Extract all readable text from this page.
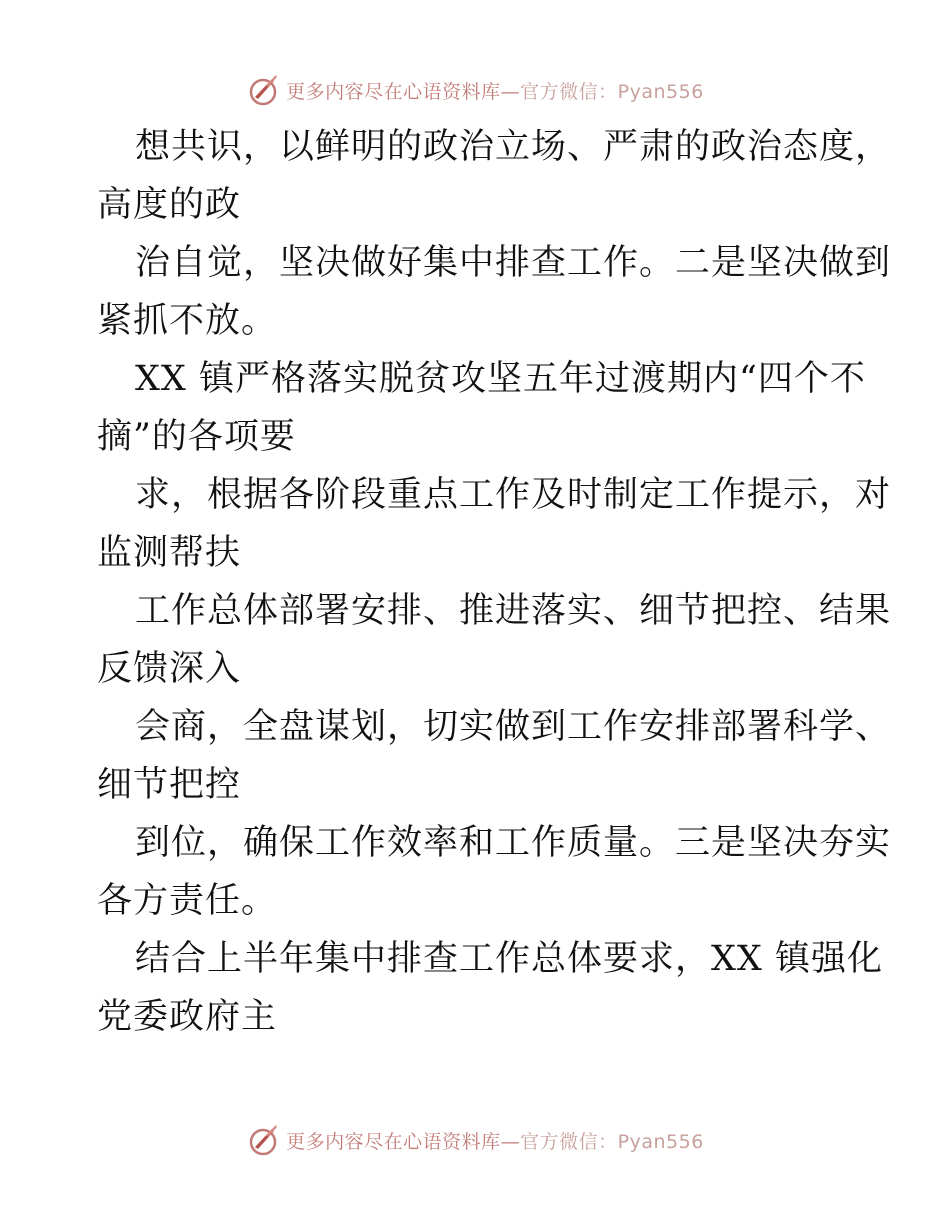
更多内容尽在心语资料库—官方微信：Pyan556
想共识，以鲜明的政治立场、严肃的政治态度，
高度的政
治自觉，坚决做好集中排查工作。二是坚决做到
紧抓不放。
XX 镇严格落实脱贫攻坚五年过渡期内“四个不
摘”的各项要
求，根据各阶段重点工作及时制定工作提示，对
监测帮扶
工作总体部署安排、推进落实、细节把控、结果
反馈深入
会商，全盘谋划，切实做到工作安排部署科学、
细节把控
到位，确保工作效率和工作质量。三是坚决夯实
各方责任。
结合上半年集中排查工作总体要求，XX 镇强化
党委政府主
更多内容尽在心语资料库—官方微信：Pyan556
